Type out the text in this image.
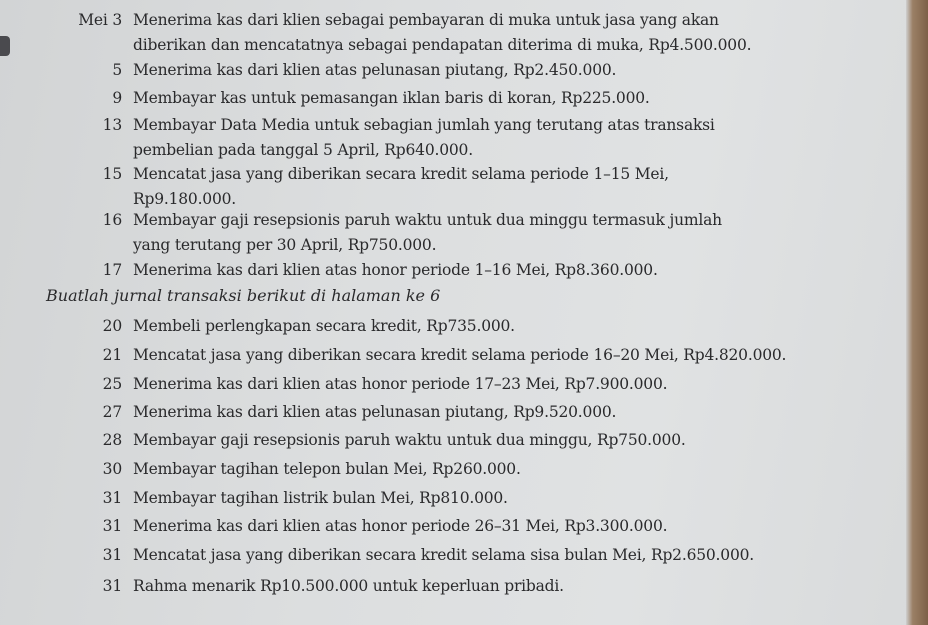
Mei 3 Menerima kas dari klien sebagai pembayaran di muka untuk jasa yang akan
diberikan dan mencatatnya sebagai pendapatan diterima di muka, Rp4.500.000.
5 Menerima kas dari klien atas pelunasan piutang, Rp2.450.000.
9 Membayar kas untuk pemasangan iklan baris di koran, Rp225.000.
13 Membayar Data Media untuk sebagian jumlah yang terutang atas transaksi
pembelian pada tanggal 5 April, Rp640.000.
15 Mencatat jasa yang diberikan secara kredit selama periode 1–15 Mei,
Rp9.180.000.
16 Membayar gaji resepsionis paruh waktu untuk dua minggu termasuk jumlah
yang terutang per 30 April, Rp750.000.
17 Menerima kas dari klien atas honor periode 1–16 Mei, Rp8.360.000.
Buatlah jurnal transaksi berikut di halaman ke 6
20 Membeli perlengkapan secara kredit, Rp735.000.
21 Mencatat jasa yang diberikan secara kredit selama periode 16–20 Mei, Rp4.820.000.
25 Menerima kas dari klien atas honor periode 17–23 Mei, Rp7.900.000.
27 Menerima kas dari klien atas pelunasan piutang, Rp9.520.000.
28 Membayar gaji resepsionis paruh waktu untuk dua minggu, Rp750.000.
30 Membayar tagihan telepon bulan Mei, Rp260.000.
31 Membayar tagihan listrik bulan Mei, Rp810.000.
31 Menerima kas dari klien atas honor periode 26–31 Mei, Rp3.300.000.
31 Mencatat jasa yang diberikan secara kredit selama sisa bulan Mei, Rp2.650.000.
31 Rahma menarik Rp10.500.000 untuk keperluan pribadi.
